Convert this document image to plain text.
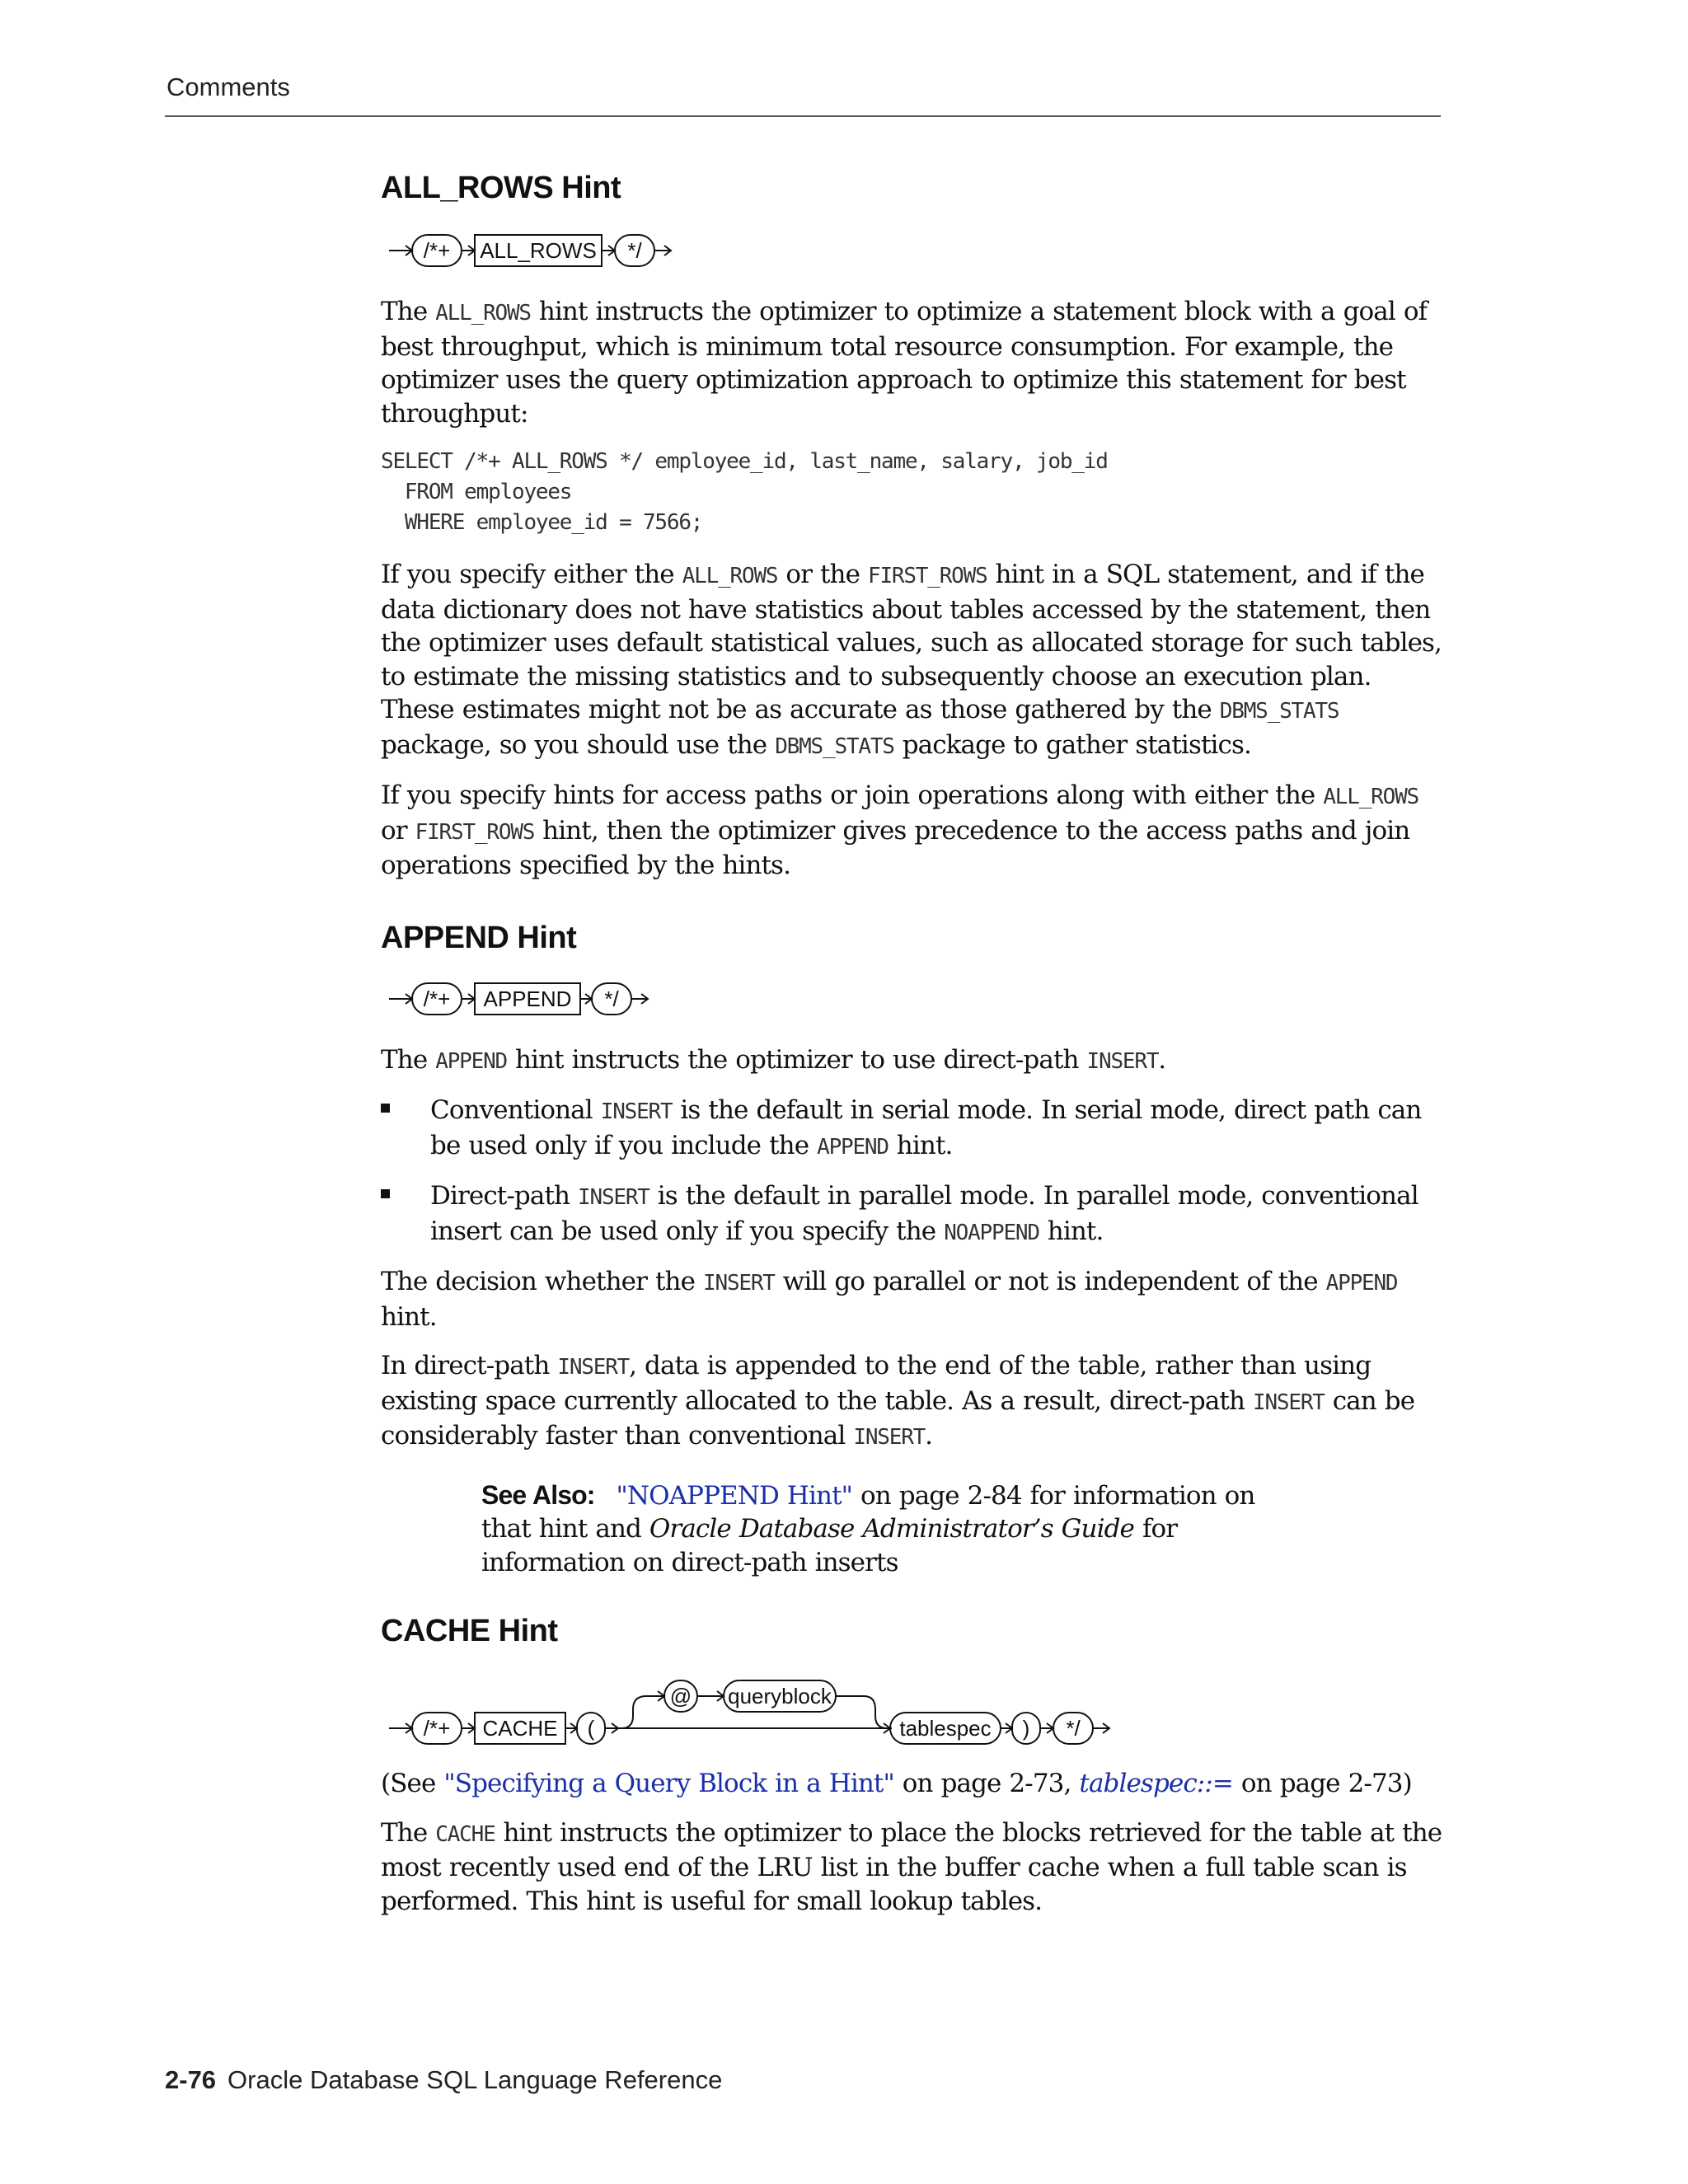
Comments
ALL_ROWS Hint
/*+ ALL_ROWS */

The ALL_ROWS hint instructs the optimizer to optimize a statement block with a goal of best throughput, which is minimum total resource consumption. For example, the optimizer uses the query optimization approach to optimize this statement for best throughput:

SELECT /*+ ALL_ROWS */ employee_id, last_name, salary, job_id
FROM employees
WHERE employee_id = 7566;

If you specify either the ALL_ROWS or the FIRST_ROWS hint in a SQL statement, and if the data dictionary does not have statistics about tables accessed by the statement, then the optimizer uses default statistical values, such as allocated storage for such tables, to estimate the missing statistics and to subsequently choose an execution plan. These estimates might not be as accurate as those gathered by the DBMS_STATS package, so you should use the DBMS_STATS package to gather statistics.

If you specify hints for access paths or join operations along with either the ALL_ROWS or FIRST_ROWS hint, then the optimizer gives precedence to the access paths and join operations specified by the hints.

APPEND Hint
/*+ APPEND */

The APPEND hint instructs the optimizer to use direct-path INSERT.

Conventional INSERT is the default in serial mode. In serial mode, direct path can be used only if you include the APPEND hint.

Direct-path INSERT is the default in parallel mode. In parallel mode, conventional insert can be used only if you specify the NOAPPEND hint.

The decision whether the INSERT will go parallel or not is independent of the APPEND hint.

In direct-path INSERT, data is appended to the end of the table, rather than using existing space currently allocated to the table. As a result, direct-path INSERT can be considerably faster than conventional INSERT.

See Also: "NOAPPEND Hint" on page 2-84 for information on that hint and Oracle Database Administrator’s Guide for information on direct-path inserts

CACHE Hint
/*+ CACHE (
@ queryblock
tablespec ) */

(See "Specifying a Query Block in a Hint" on page 2-73, tablespec::= on page 2-73)

The CACHE hint instructs the optimizer to place the blocks retrieved for the table at the most recently used end of the LRU list in the buffer cache when a full table scan is performed. This hint is useful for small lookup tables.

2-76 Oracle Database SQL Language Reference
